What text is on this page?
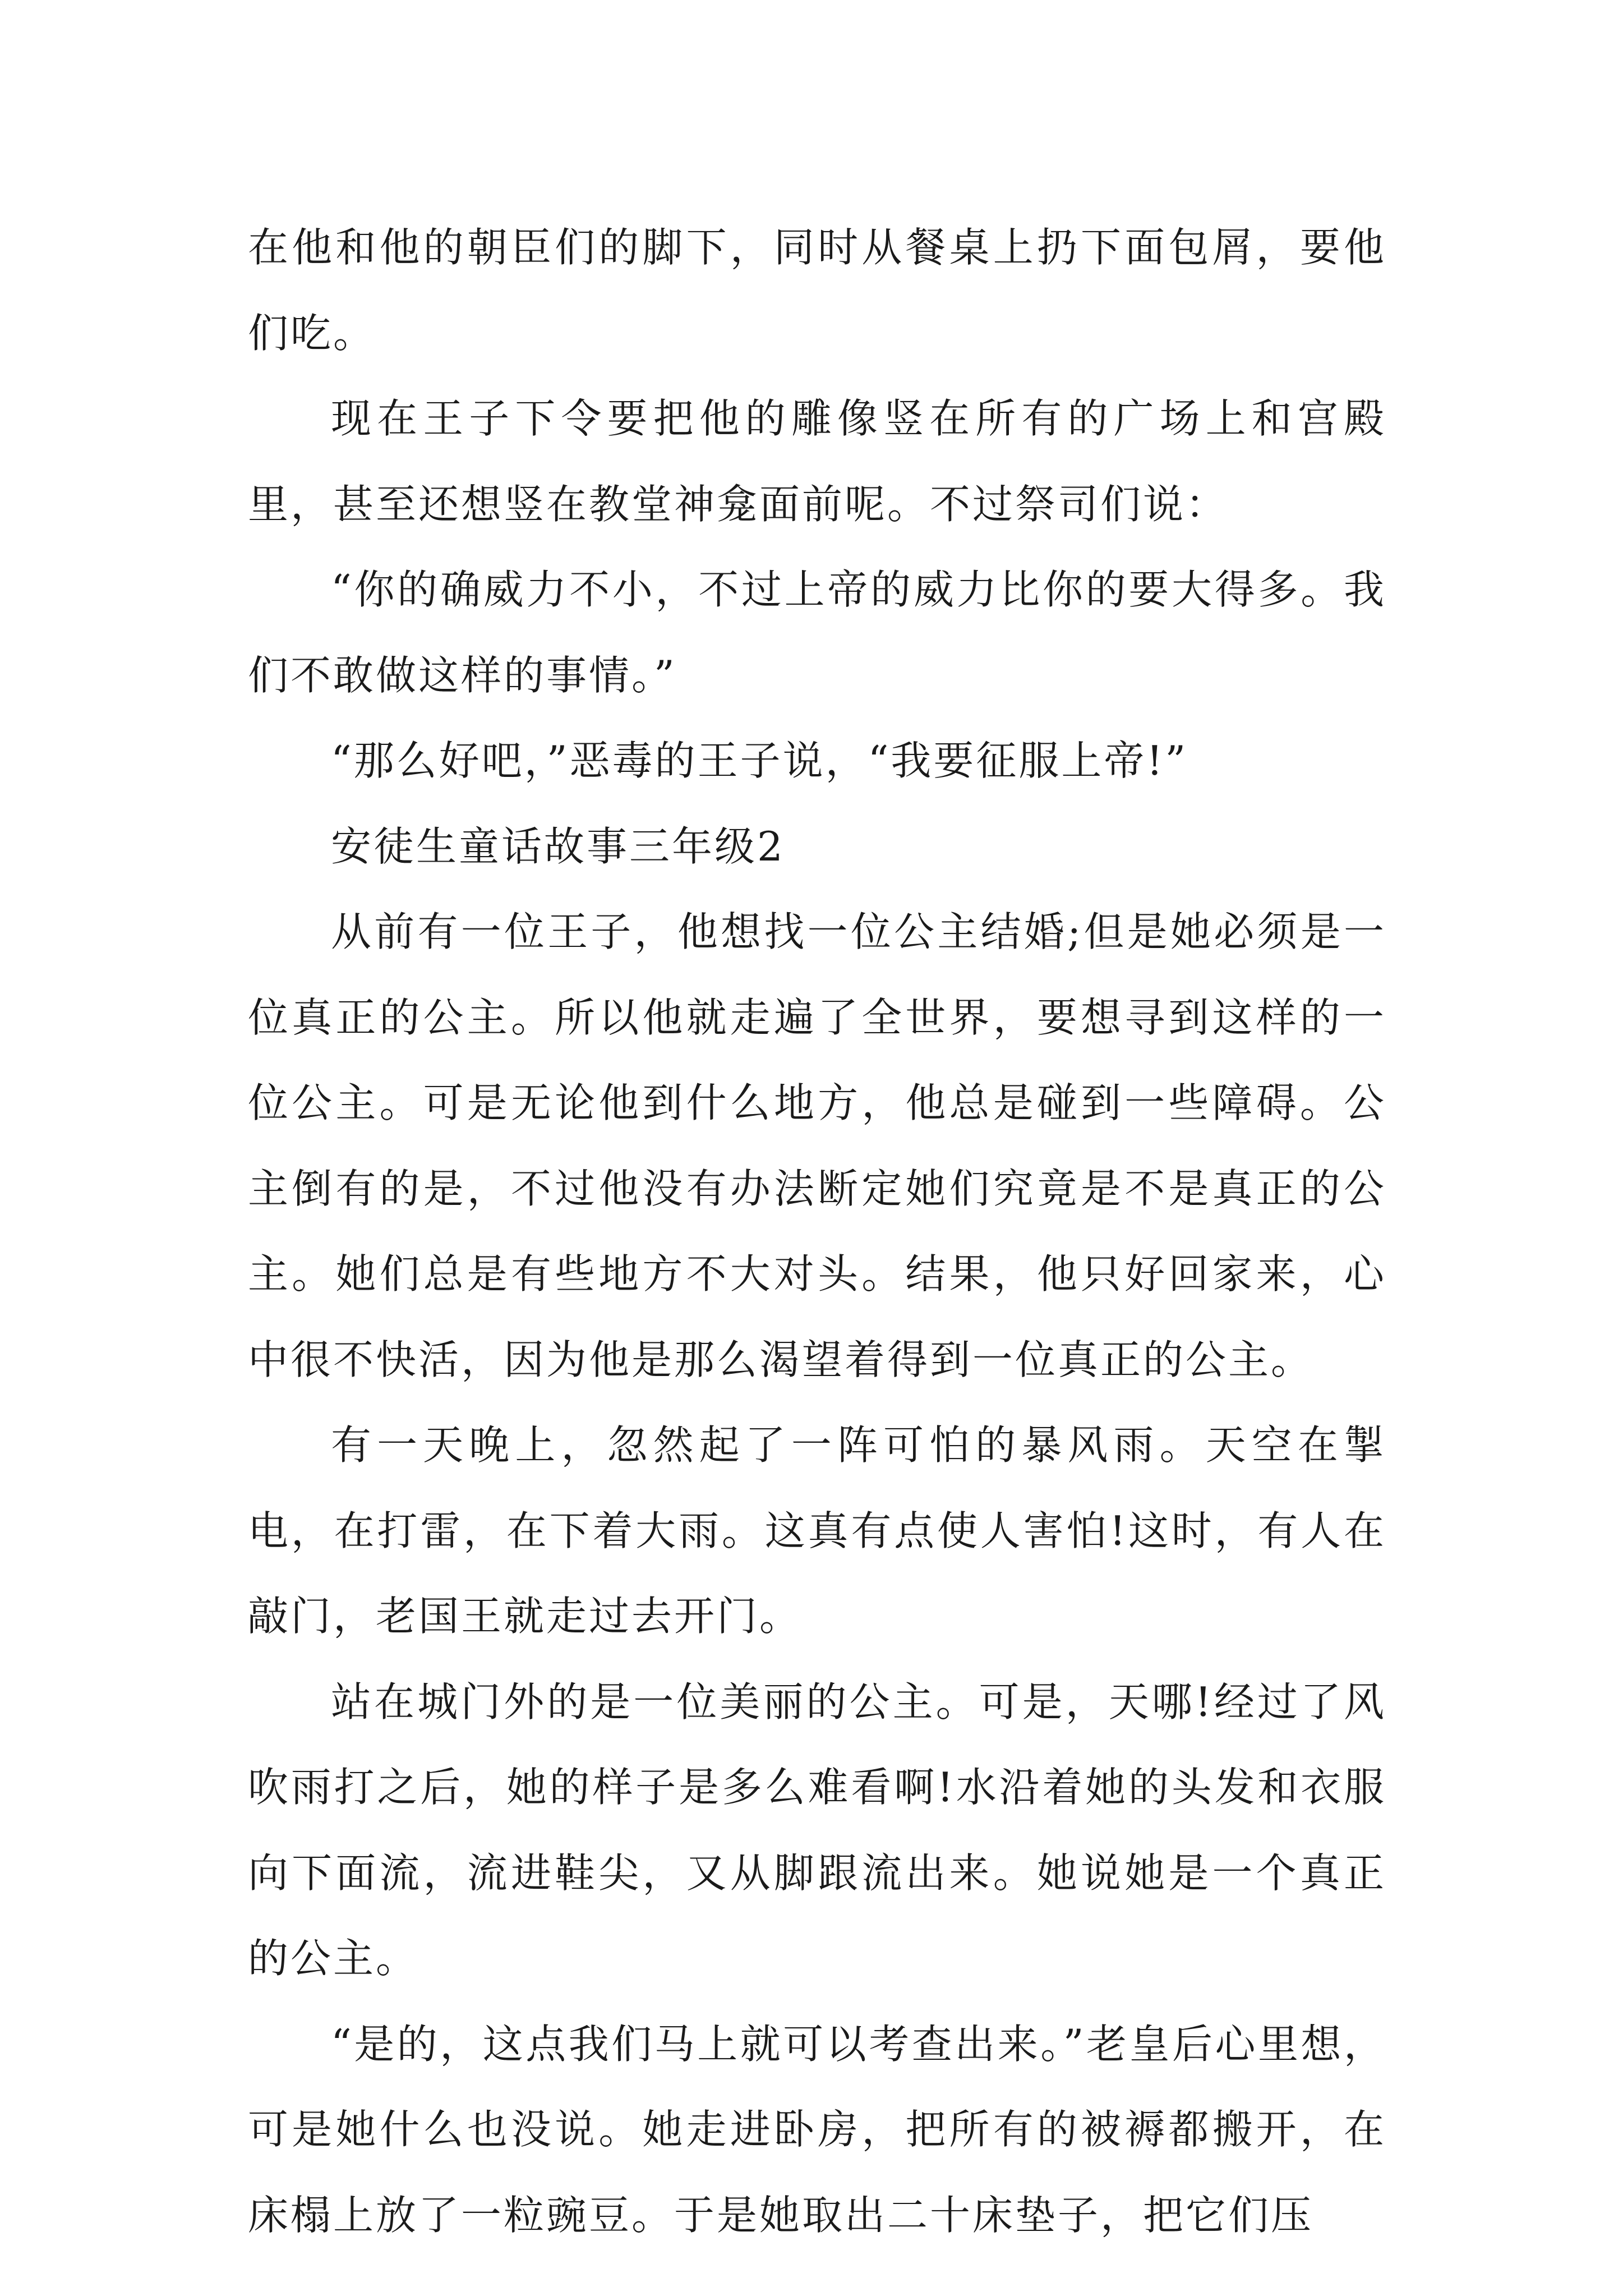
在他和他的朝臣们的脚下，同时从餐桌上扔下面包屑，要他们吃。

现在王子下令要把他的雕像竖在所有的广场上和宫殿里，甚至还想竖在教堂神龛面前呢。不过祭司们说：

“你的确威力不小，不过上帝的威力比你的要大得多。我们不敢做这样的事情。”

“那么好吧，”恶毒的王子说，“我要征服上帝!”

安徒生童话故事三年级2

从前有一位王子，他想找一位公主结婚;但是她必须是一位真正的公主。所以他就走遍了全世界，要想寻到这样的一位公主。可是无论他到什么地方，他总是碰到一些障碍。公主倒有的是，不过他没有办法断定她们究竟是不是真正的公主。她们总是有些地方不大对头。结果，他只好回家来，心中很不快活，因为他是那么渴望着得到一位真正的公主。

有一天晚上，忽然起了一阵可怕的暴风雨。天空在掣电，在打雷，在下着大雨。这真有点使人害怕!这时，有人在敲门，老国王就走过去开门。

站在城门外的是一位美丽的公主。可是，天哪!经过了风吹雨打之后，她的样子是多么难看啊!水沿着她的头发和衣服向下面流，流进鞋尖，又从脚跟流出来。她说她是一个真正的公主。

“是的，这点我们马上就可以考查出来。”老皇后心里想，可是她什么也没说。她走进卧房，把所有的被褥都搬开，在床榻上放了一粒豌豆。于是她取出二十床垫子，把它们压
